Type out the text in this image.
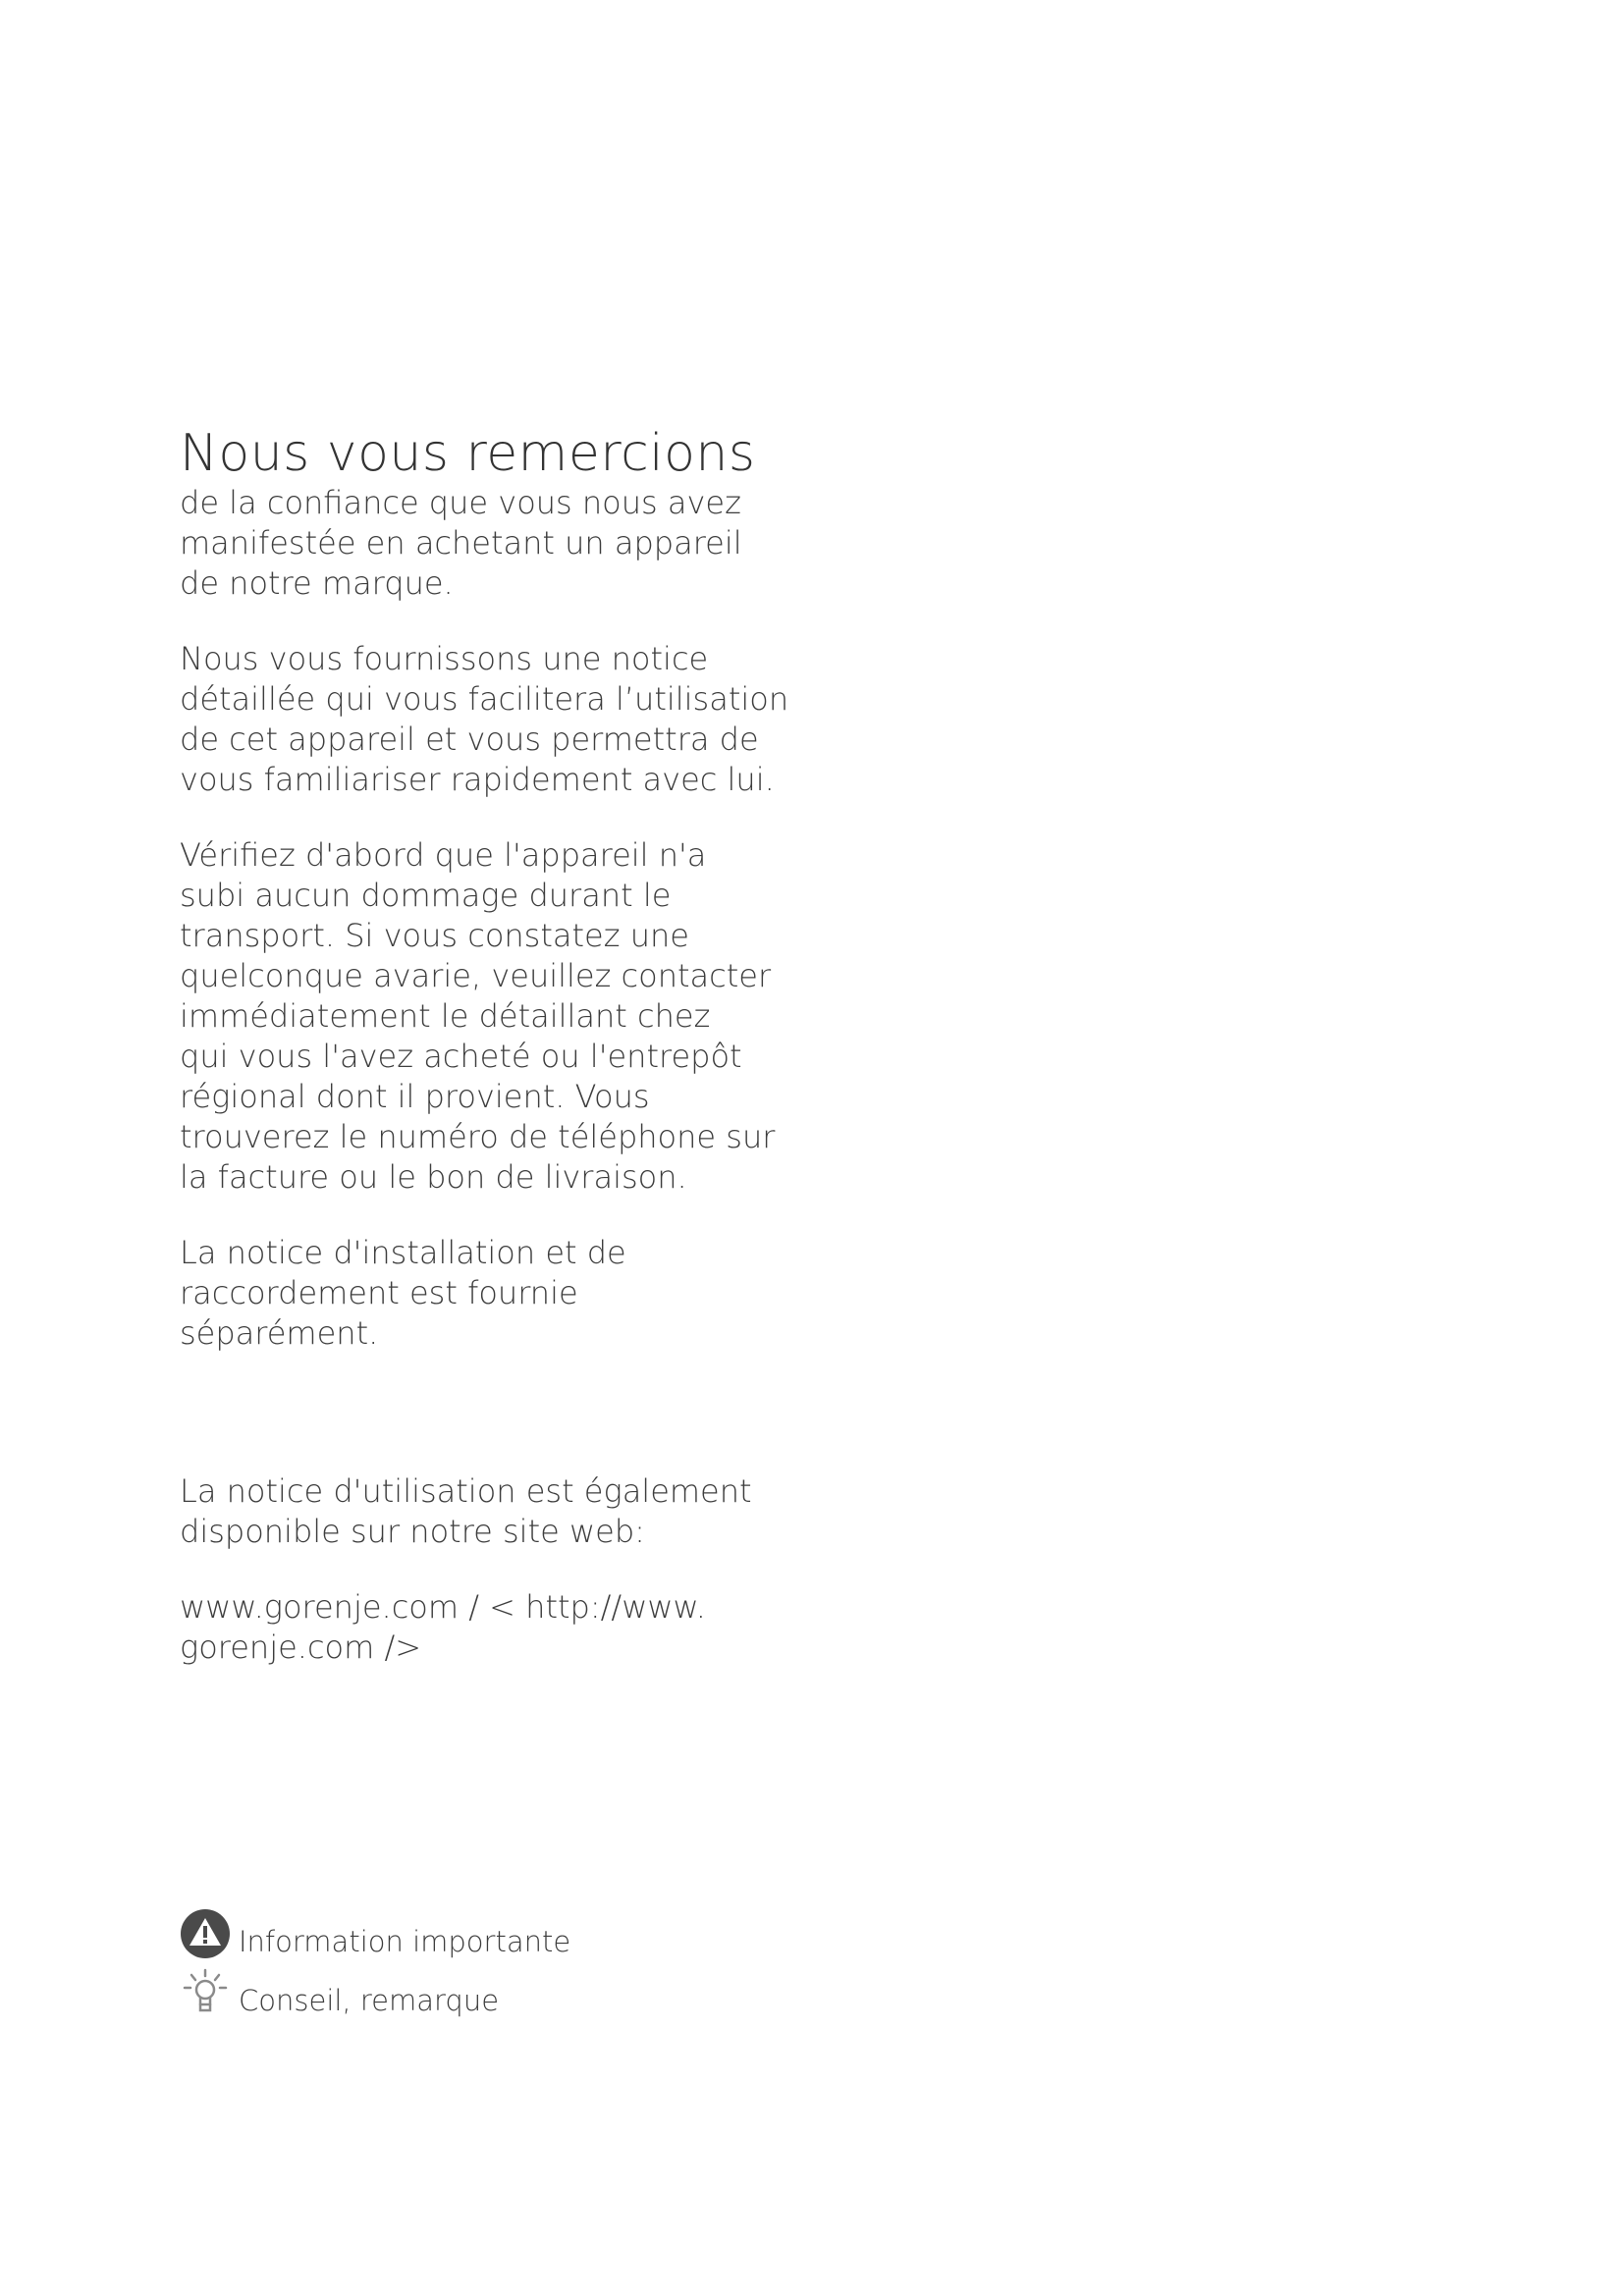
Nous vous remercions

de la confiance que vous nous avez
manifestée en achetant un appareil
de notre marque.

Nous vous fournissons une notice
détaillée qui vous facilitera l’utilisation
de cet appareil et vous permettra de
vous familiariser rapidement avec lui.

Vérifiez d'abord que l'appareil n'a
subi aucun dommage durant le
transport. Si vous constatez une
quelconque avarie, veuillez contacter
immédiatement le détaillant chez
qui vous l'avez acheté ou l'entrepôt
régional dont il provient. Vous
trouverez le numéro de téléphone sur
la facture ou le bon de livraison.

La notice d'installation et de
raccordement est fournie
séparément.

La notice d'utilisation est également
disponible sur notre site web:

www.gorenje.com / < http://www.
gorenje.com />

Information importante
Conseil, remarque
